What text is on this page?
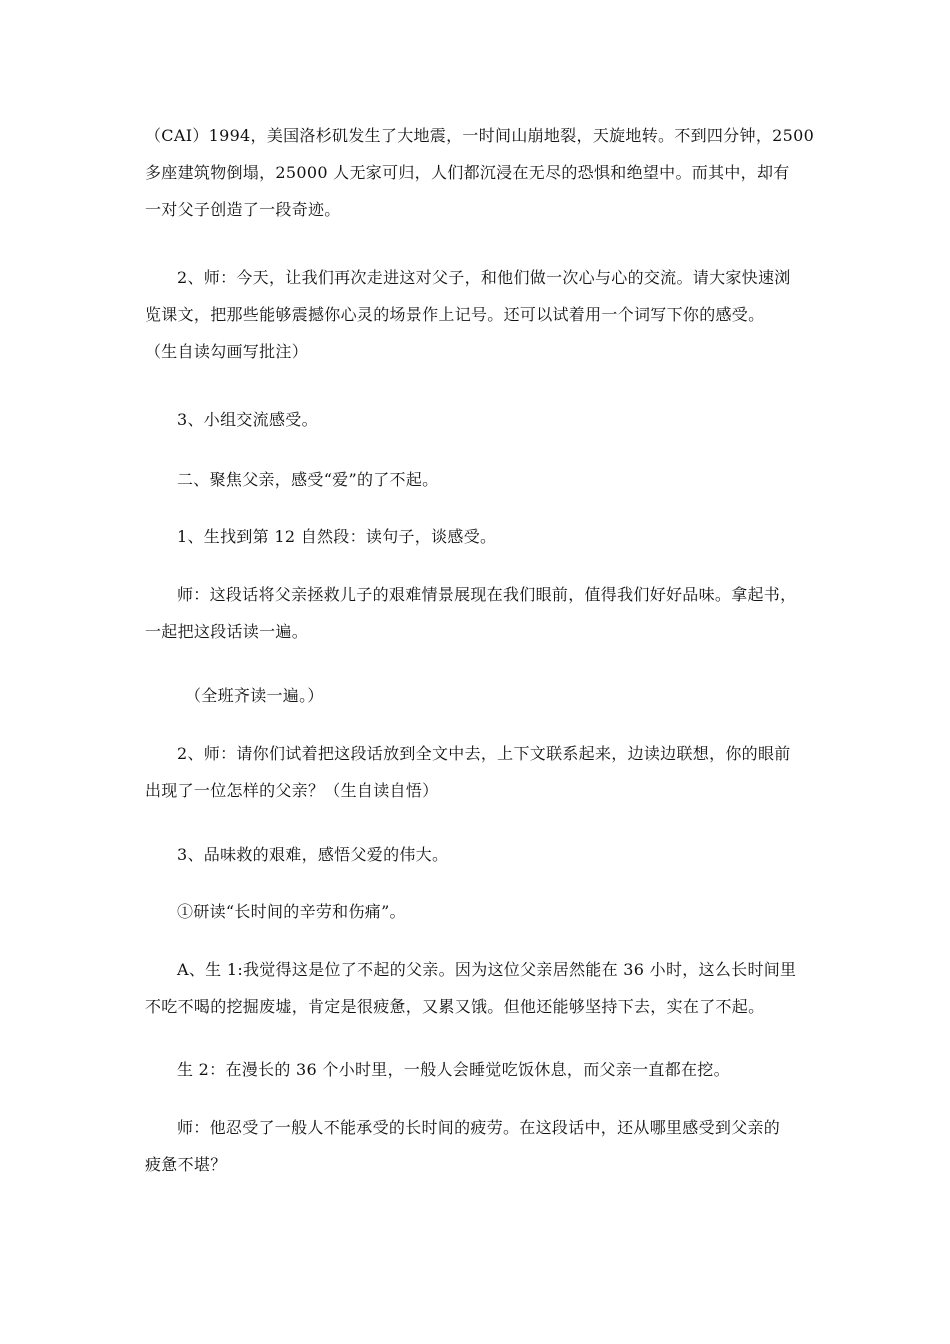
（CAI）1994，美国洛杉矶发生了大地震，一时间山崩地裂，天旋地转。不到四分钟，2500
多座建筑物倒塌，25000 人无家可归，人们都沉浸在无尽的恐惧和绝望中。而其中，却有
一对父子创造了一段奇迹。
2、师：今天，让我们再次走进这对父子，和他们做一次心与心的交流。请大家快速浏
览课文，把那些能够震撼你心灵的场景作上记号。还可以试着用一个词写下你的感受。
（生自读勾画写批注）
3、小组交流感受。
二、聚焦父亲，感受“爱”的了不起。
1、生找到第 12 自然段：读句子，谈感受。
师：这段话将父亲拯救儿子的艰难情景展现在我们眼前，值得我们好好品味。拿起书，
一起把这段话读一遍。
（全班齐读一遍。）
2、师：请你们试着把这段话放到全文中去，上下文联系起来，边读边联想，你的眼前
出现了一位怎样的父亲？（生自读自悟）
3、品味救的艰难，感悟父爱的伟大。
①研读“长时间的辛劳和伤痛”。
A、生 1:我觉得这是位了不起的父亲。因为这位父亲居然能在 36 小时，这么长时间里
不吃不喝的挖掘废墟，肯定是很疲惫，又累又饿。但他还能够坚持下去，实在了不起。
生 2：在漫长的 36 个小时里，一般人会睡觉吃饭休息，而父亲一直都在挖。
师：他忍受了一般人不能承受的长时间的疲劳。在这段话中，还从哪里感受到父亲的
疲惫不堪？
